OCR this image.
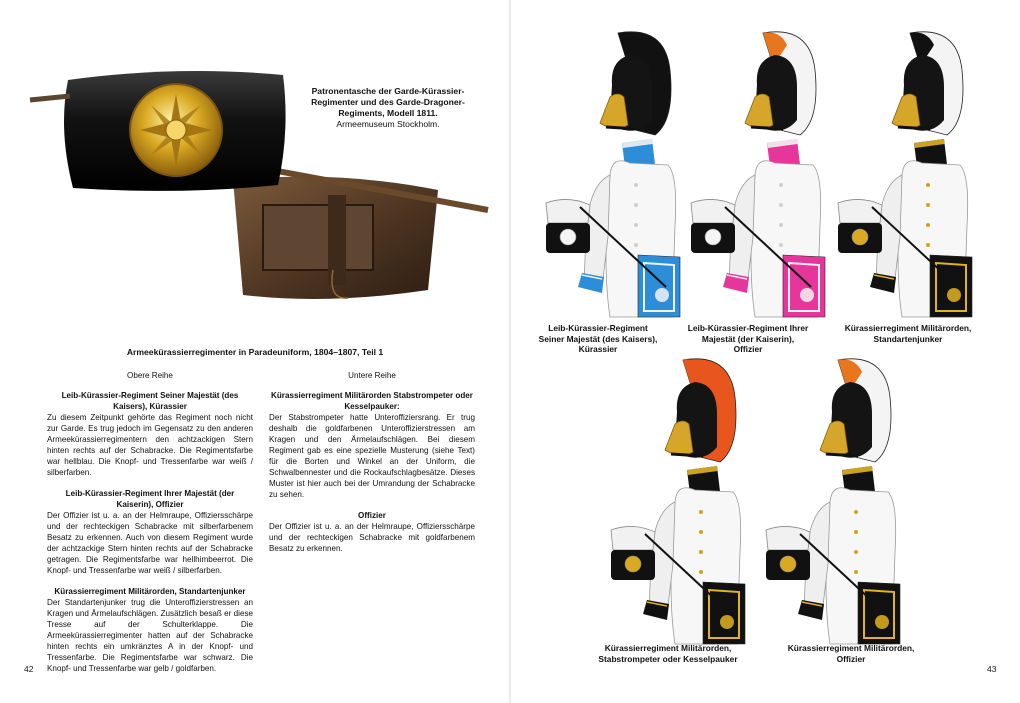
Patronentasche der Garde-Kürassier-Regimenter und des Garde-Dragoner-Regiments, Modell 1811.
Armeemuseum Stockholm.
Armeekürassierregimenter in Paradeuniform, 1804–1807, Teil 1
Obere Reihe
Leib-Kürassier-Regiment Seiner Majestät (des Kaisers), Kürassier

Zu diesem Zeitpunkt gehörte das Regiment noch nicht zur Garde. Es trug jedoch im Gegensatz zu den anderen Armeekürassierregimentern den achtzackigen Stern hinten rechts auf der Schabracke. Die Regimentsfarbe war hellblau. Die Knopf- und Tressenfarbe war weiß / silberfarben.

Leib-Kürassier-Regiment Ihrer Majestät (der Kaiserin), Offizier

Der Offizier ist u. a. an der Helmraupe, Offiziersschärpe und der rechteckigen Schabracke mit silberfarbenem Besatz zu erkennen. Auch von diesem Regiment wurde der achtzackige Stern hinten rechts auf der Schabracke getragen. Die Regimentsfarbe war hellhimbeerrot. Die Knopf- und Tressenfarbe war weiß / silberfarben.

Kürassierregiment Militärorden, Standartenjunker

Der Standartenjunker trug die Unteroffizierstressen an Kragen und Ärmelaufschlägen. Zusätzlich besaß er diese Tresse auf der Schulterklappe. Die Armeekürassierregimenter hatten auf der Schabracke hinten rechts ein umkränztes A in der Knopf- und Tressenfarbe. Die Regimentsfarbe war schwarz. Die Knopf- und Tressenfarbe war gelb / goldfarben.

Untere Reihe
Kürassierregiment Militärorden Stabstrompeter oder Kesselpauker:

Der Stabstrompeter hatte Unteroffiziersrang. Er trug deshalb die goldfarbenen Unteroffizierstressen am Kragen und den Ärmelaufschlägen. Bei diesem Regiment gab es eine spezielle Musterung (siehe Text) für die Borten und Winkel an der Uniform, die Schwalbennester und die Rockaufschlagbesätze. Dieses Muster ist hier auch bei der Umrandung der Schabracke zu sehen.

Offizier

Der Offizier ist u. a. an der Helmraupe, Offiziersschärpe und der rechteckigen Schabracke mit goldfarbenem Besatz zu erkennen.

42
Leib-Kürassier-Regiment
Seiner Majestät (des Kaisers),
Kürassier
Leib-Kürassier-Regiment Ihrer
Majestät (der Kaiserin),
Offizier
Kürassierregiment Militärorden,
Standartenjunker
Kürassierregiment Militärorden,
Stabstrompeter oder Kesselpauker
Kürassierregiment Militärorden,
Offizier
43
